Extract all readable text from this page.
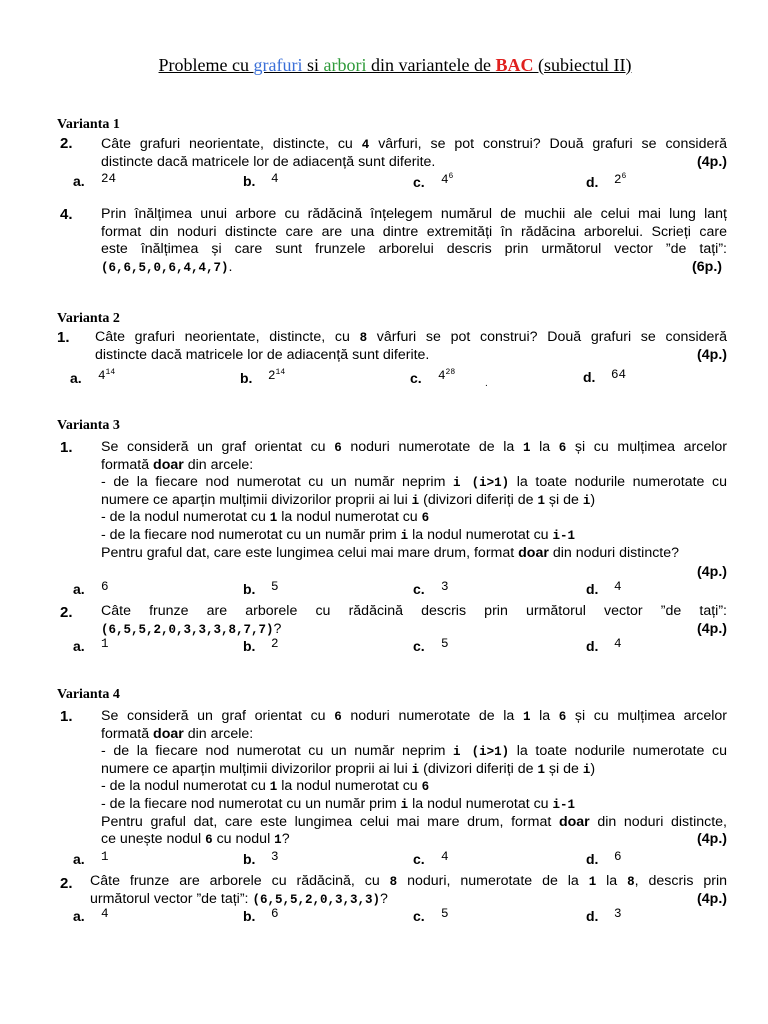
Probleme cu grafuri si arbori din variantele de BAC (subiectul II)
Varianta 1
2. Câte grafuri neorientate, distincte, cu 4 vârfuri, se pot construi? Două grafuri se consideră
distincte dacă matricele lor de adiacență sunt diferite.	(4p.)
a. 24	b. 4	c. $4^6$	d. $2^6$
4. Prin înălțimea unui arbore cu rădăcină înțelegem numărul de muchii ale celui mai lung lanț
format din noduri distincte care are una dintre extremități în rădăcina arborelui. Scrieți care
este înălțimea și care sunt frunzele arborelui descris prin următorul vector ”de tați”:
(6,6,5,0,6,4,4,7).	(6p.)
Varianta 2
1. Câte grafuri neorientate, distincte, cu 8 vârfuri se pot construi? Două grafuri se consideră
distincte dacă matricele lor de adiacență sunt diferite.	(4p.)
a. $4^{14}$	b. $2^{14}$	c. $4^{28}$
.	d. 64
Varianta 3
1. Se consideră un graf orientat cu 6 noduri numerotate de la 1 la 6 și cu mulțimea arcelor
formată doar din arcele:
- de la fiecare nod numerotat cu un număr neprim i (i>1) la toate nodurile numerotate cu
numere ce aparțin mulțimii divizorilor proprii ai lui i (divizori diferiți de 1 și de i)
- de la nodul numerotat cu 1 la nodul numerotat cu 6
- de la fiecare nod numerotat cu un număr prim i la nodul numerotat cu i-1
Pentru graful dat, care este lungimea celui mai mare drum, format doar din noduri distincte?
(4p.)
a. 6	b. 5	c. 3	d. 4
2. Câte frunze are arborele cu rădăcină descris prin următorul vector ”de tați”:
(6,5,5,2,0,3,3,3,8,7,7)?	(4p.)
a. 1	b. 2	c. 5	d. 4
Varianta 4
1. Se consideră un graf orientat cu 6 noduri numerotate de la 1 la 6 și cu mulțimea arcelor
formată doar din arcele:
- de la fiecare nod numerotat cu un număr neprim i (i>1) la toate nodurile numerotate cu
numere ce aparțin mulțimii divizorilor proprii ai lui i (divizori diferiți de 1 și de i)
- de la nodul numerotat cu 1 la nodul numerotat cu 6
- de la fiecare nod numerotat cu un număr prim i la nodul numerotat cu i-1
Pentru graful dat, care este lungimea celui mai mare drum, format doar din noduri distincte,
ce unește nodul 6 cu nodul 1?	(4p.)
a. 1	b. 3	c. 4	d. 6
2. Câte frunze are arborele cu rădăcină, cu 8 noduri, numerotate de la 1 la 8, descris prin
următorul vector ”de tați”: (6,5,5,2,0,3,3,3)?	(4p.)
a. 4	b. 6	c. 5	d. 3
